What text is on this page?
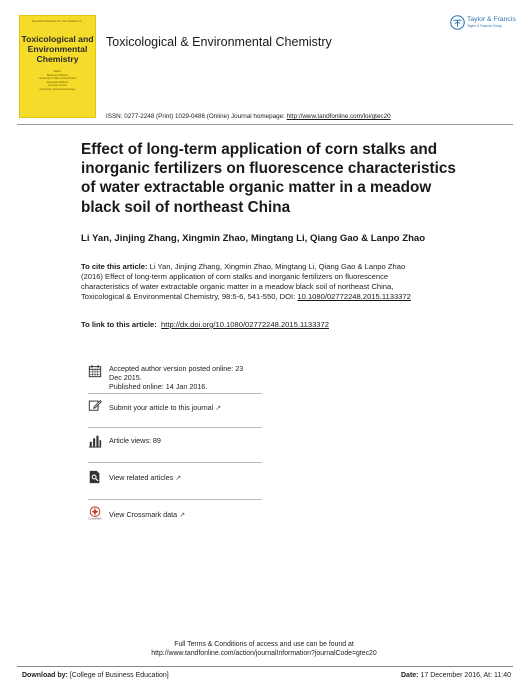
Special Publication for the Institute of...
Toxicological and
Environmental
Chemistry
Editor
Maureen Watson
University of Minnesota Duluth
Associate Editors
Environmental
Chemistry and Ecotoxicology
Toxicological & Environmental Chemistry
Taylor & Francis
Taylor & Francis Group
ISSN: 0277-2248 (Print) 1029-0486 (Online) Journal homepage: http://www.tandfonline.com/loi/gtec20
Effect of long-term application of corn stalks and inorganic fertilizers on fluorescence characteristics of water extractable organic matter in a meadow black soil of northeast China
Li Yan, Jinjing Zhang, Xingmin Zhao, Mingtang Li, Qiang Gao & Lanpo Zhao
To cite this article: Li Yan, Jinjing Zhang, Xingmin Zhao, Mingtang Li, Qiang Gao & Lanpo Zhao (2016) Effect of long-term application of corn stalks and inorganic fertilizers on fluorescence characteristics of water extractable organic matter in a meadow black soil of northeast China, Toxicological & Environmental Chemistry, 98:5-6, 541-550, DOI: 10.1080/02772248.2015.1133372
To link to this article: http://dx.doi.org/10.1080/02772248.2015.1133372
Accepted author version posted online: 23
Dec 2015.
Published online: 14 Jan 2016.
Submit your article to this journal ↗
Article views: 89
View related articles ↗
CrossMark
View Crossmark data ↗
Full Terms & Conditions of access and use can be found at
http://www.tandfonline.com/action/journalInformation?journalCode=gtec20
Download by: [College of Business Education]	Date: 17 December 2016, At: 11:40
